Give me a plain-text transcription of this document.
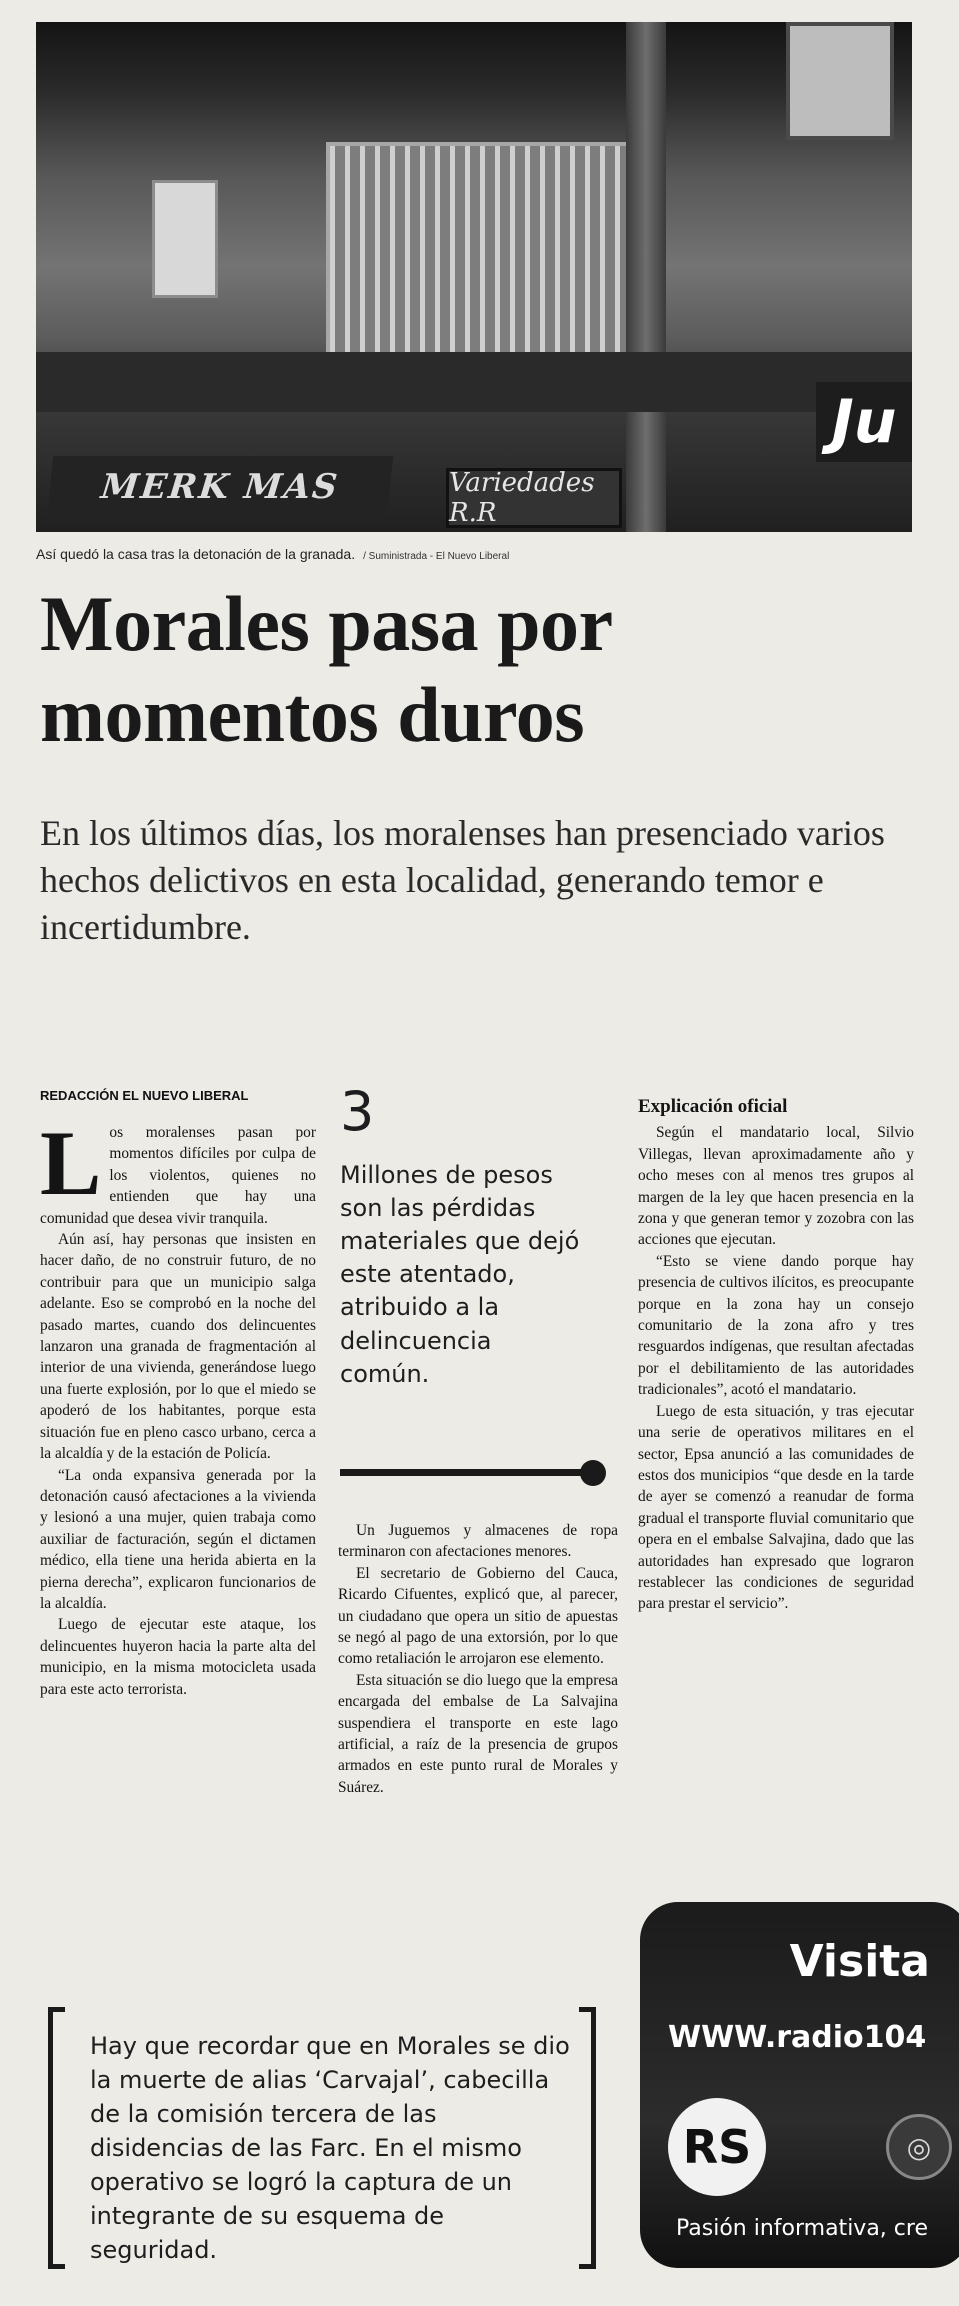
MERK MAS	Variedades R.R
Ju
Así quedó la casa tras la detonación de la granada. / Suministrada - El Nuevo Liberal
Morales pasa por momentos duros

En los últimos días, los moralenses han presenciado varios hechos delictivos en esta localidad, generando temor e incertidumbre.

REDACCIÓN EL NUEVO LIBERAL

Los moralenses pasan por momentos difíciles por culpa de los violentos, quienes no entienden que hay una comunidad que desea vivir tranquila.

Aún así, hay personas que insisten en hacer daño, de no construir futuro, de no contribuir para que un municipio salga adelante. Eso se comprobó en la noche del pasado martes, cuando dos delincuentes lanzaron una granada de fragmentación al interior de una vivienda, generándose luego una fuerte explosión, por lo que el miedo se apoderó de los habitantes, porque esta situación fue en pleno casco urbano, cerca a la alcaldía y de la estación de Policía.

“La onda expansiva generada por la detonación causó afectaciones a la vivienda y lesionó a una mujer, quien trabaja como auxiliar de facturación, según el dictamen médico, ella tiene una herida abierta en la pierna derecha”, explicaron funcionarios de la alcaldía.

Luego de ejecutar este ataque, los delincuentes huyeron hacia la parte alta del municipio, en la misma motocicleta usada para este acto terrorista.

3
Millones de pesos son las pérdidas materiales que dejó este atentado, atribuido a la delincuencia común.

Un Juguemos y almacenes de ropa terminaron con afectaciones menores.

El secretario de Gobierno del Cauca, Ricardo Cifuentes, explicó que, al parecer, un ciudadano que opera un sitio de apuestas se negó al pago de una extorsión, por lo que como retaliación le arrojaron ese elemento.

Esta situación se dio luego que la empresa encargada del embalse de La Salvajina suspendiera el transporte en este lago artificial, a raíz de la presencia de grupos armados en este punto rural de Morales y Suárez.

Explicación oficial

Según el mandatario local, Silvio Villegas, llevan aproximadamente año y ocho meses con al menos tres grupos al margen de la ley que hacen presencia en la zona y que generan temor y zozobra con las acciones que ejecutan.

“Esto se viene dando porque hay presencia de cultivos ilícitos, es preocupante porque en la zona hay un consejo comunitario de la zona afro y tres resguardos indígenas, que resultan afectadas por el debilitamiento de las autoridades tradicionales”, acotó el mandatario.

Luego de esta situación, y tras ejecutar una serie de operativos militares en el sector, Epsa anunció a las comunidades de estos dos municipios “que desde en la tarde de ayer se comenzó a reanudar de forma gradual el transporte fluvial comunitario que opera en el embalse Salvajina, dado que las autoridades han expresado que lograron restablecer las condiciones de seguridad para prestar el servicio”.

Hay que recordar que en Morales se dio la muerte de alias ‘Carvajal’, cabecilla de la comisión tercera de las disidencias de las Farc. En el mismo operativo se logró la captura de un integrante de su esquema de seguridad.
Visita
WWW.radio104
RS	◎
Pasión informativa, cre
